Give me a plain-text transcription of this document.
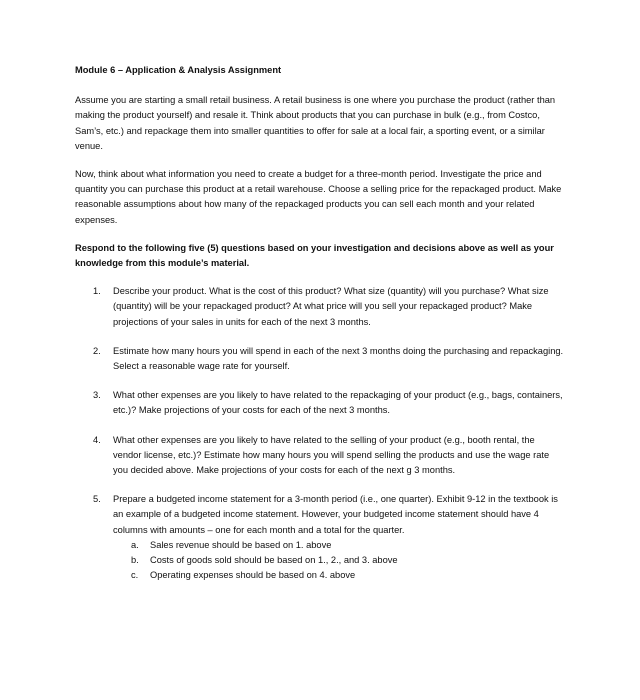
Module 6 – Application & Analysis Assignment

Assume you are starting a small retail business. A retail business is one where you purchase the product (rather than making the product yourself) and resale it. Think about products that you can purchase in bulk (e.g., from Costco, Sam’s, etc.) and repackage them into smaller quantities to offer for sale at a local fair, a sporting event, or a similar venue.

Now, think about what information you need to create a budget for a three-month period. Investigate the price and quantity you can purchase this product at a retail warehouse. Choose a selling price for the repackaged product. Make reasonable assumptions about how many of the repackaged products you can sell each month and your related expenses.

Respond to the following five (5) questions based on your investigation and decisions above as well as your knowledge from this module’s material.

1. Describe your product. What is the cost of this product? What size (quantity) will you purchase? What size (quantity) will be your repackaged product? At what price will you sell your repackaged product? Make projections of your sales in units for each of the next 3 months.
2. Estimate how many hours you will spend in each of the next 3 months doing the purchasing and repackaging. Select a reasonable wage rate for yourself.
3. What other expenses are you likely to have related to the repackaging of your product (e.g., bags, containers, etc.)? Make projections of your costs for each of the next 3 months.
4. What other expenses are you likely to have related to the selling of your product (e.g., booth rental, the vendor license, etc.)? Estimate how many hours you will spend selling the products and use the wage rate you decided above. Make projections of your costs for each of the next g 3 months.
5. Prepare a budgeted income statement for a 3-month period (i.e., one quarter). Exhibit 9-12 in the textbook is an example of a budgeted income statement. However, your budgeted income statement should have 4 columns with amounts – one for each month and a total for the quarter.
a. Sales revenue should be based on 1. above
b. Costs of goods sold should be based on 1., 2., and 3. above
c. Operating expenses should be based on 4. above
